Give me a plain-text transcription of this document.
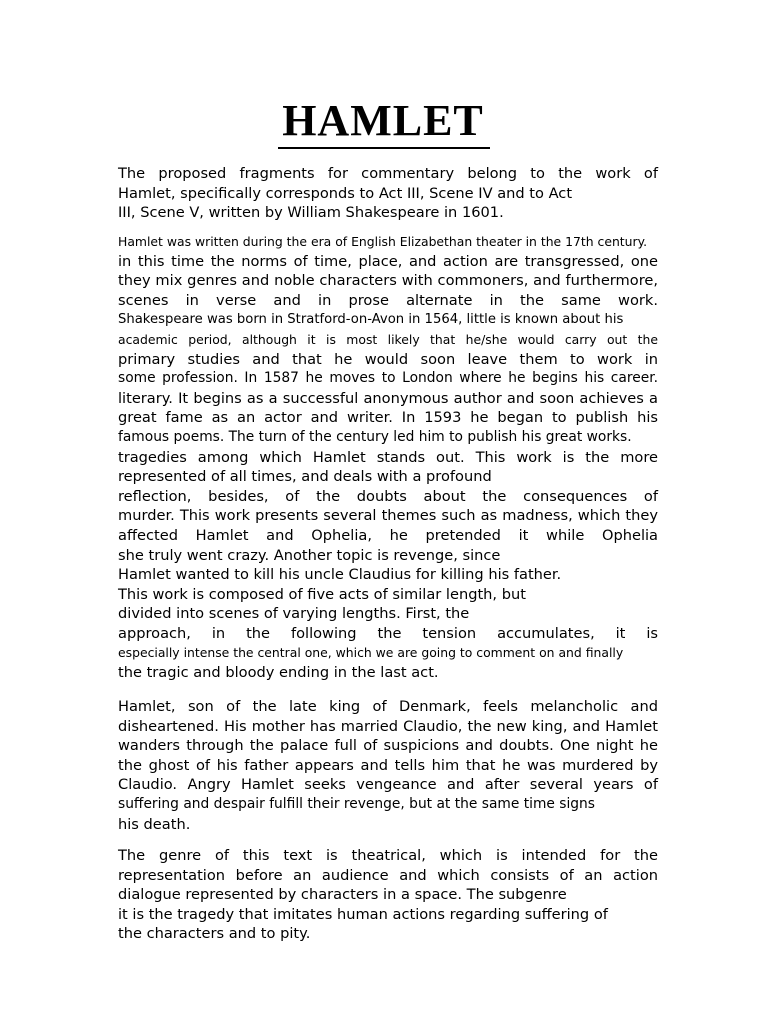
HAMLET
The proposed fragments for commentary belong to the work of
Hamlet, specifically corresponds to Act III, Scene IV and to Act
III, Scene V, written by William Shakespeare in 1601.
Hamlet was written during the era of English Elizabethan theater in the 17th century.
in this time the norms of time, place, and action are transgressed, one
they mix genres and noble characters with commoners, and furthermore,
scenes in verse and in prose alternate in the same work.
Shakespeare was born in Stratford-on-Avon in 1564, little is known about his
academic period, although it is most likely that he/she would carry out the
primary studies and that he would soon leave them to work in
some profession. In 1587 he moves to London where he begins his career.
literary. It begins as a successful anonymous author and soon achieves a
great fame as an actor and writer. In 1593 he began to publish his
famous poems. The turn of the century led him to publish his great works.
tragedies among which Hamlet stands out. This work is the more
represented of all times, and deals with a profound
reflection, besides, of the doubts about the consequences of
murder. This work presents several themes such as madness, which they
affected Hamlet and Ophelia, he pretended it while Ophelia
she truly went crazy. Another topic is revenge, since
Hamlet wanted to kill his uncle Claudius for killing his father.
This work is composed of five acts of similar length, but
divided into scenes of varying lengths. First, the
approach, in the following the tension accumulates, it is
especially intense the central one, which we are going to comment on and finally
the tragic and bloody ending in the last act.
Hamlet, son of the late king of Denmark, feels melancholic and
disheartened. His mother has married Claudio, the new king, and Hamlet
wanders through the palace full of suspicions and doubts. One night he
the ghost of his father appears and tells him that he was murdered by
Claudio. Angry Hamlet seeks vengeance and after several years of
suffering and despair fulfill their revenge, but at the same time signs
his death.
The genre of this text is theatrical, which is intended for the
representation before an audience and which consists of an action
dialogue represented by characters in a space. The subgenre
it is the tragedy that imitates human actions regarding suffering of
the characters and to pity.
